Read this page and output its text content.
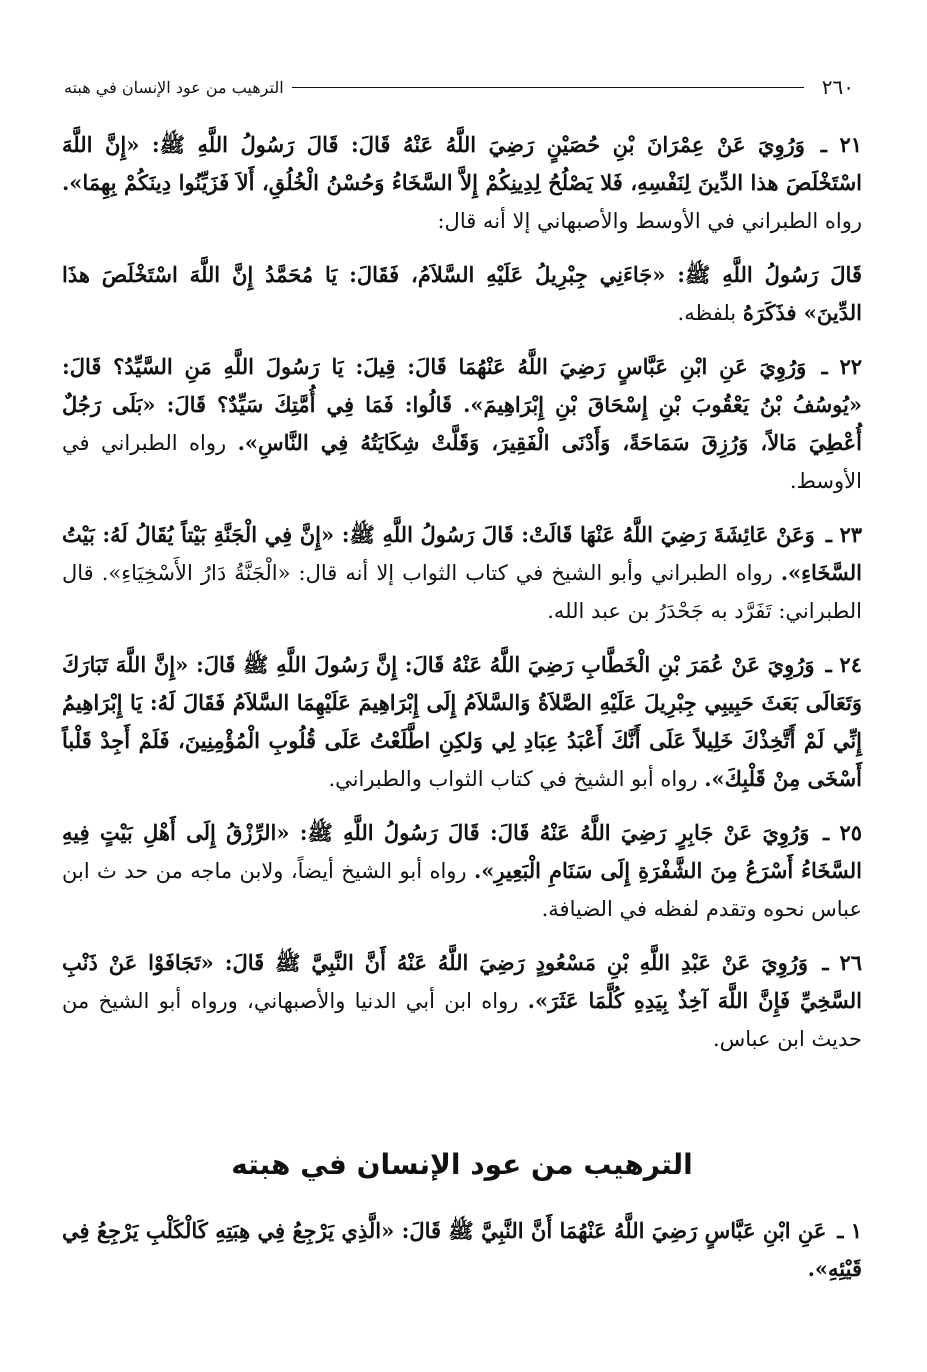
٢٦٠
الترهيب من عود الإنسان في هبته

٢١ ـ وَرُوِيَ عَنْ عِمْرَانَ بْنِ حُصَيْنٍ رَضِيَ اللَّهُ عَنْهُ قَالَ: قَالَ رَسُولُ اللَّهِ ﷺ: «إِنَّ اللَّهَ اسْتَخْلَصَ هذا الدِّينَ لِنَفْسِهِ، فَلا يَصْلُحُ لِدِينِكُمْ إِلاَّ السَّخَاءُ وَحُسْنُ الْخُلُقِ، أَلاَ فَزَيِّنُوا دِينَكُمْ بِهِمَا». رواه الطبراني في الأوسط والأصبهاني إلا أنه قال:

قَالَ رَسُولُ اللَّهِ ﷺ: «جَاءَنِي جِبْرِيلُ عَلَيْهِ السَّلاَمُ، فَقَالَ: يَا مُحَمَّدُ إِنَّ اللَّهَ اسْتَخْلَصَ هذَا الدِّينَ» فذَكَرَهُ بلفظه.

٢٢ ـ وَرُوِيَ عَنِ ابْنِ عَبَّاسٍ رَضِيَ اللَّهُ عَنْهُمَا قَالَ: قِيلَ: يَا رَسُولَ اللَّهِ مَنِ السَّيِّدُ؟ قَالَ: «يُوسُفُ بْنُ يَعْقُوبَ بْنِ إِسْحَاقَ بْنِ إِبْرَاهِيمَ». قَالُوا: فَمَا فِي أُمَّتِكَ سَيِّدٌ؟ قَالَ: «بَلَى رَجُلٌ أُعْطِيَ مَالاً، وَرُزِقَ سَمَاحَةً، وَأَدْنَى الْفَقِيرَ، وَقَلَّتْ شِكَايَتُهُ فِي النَّاسِ». رواه الطبراني في الأوسط.

٢٣ ـ وَعَنْ عَائِشَةَ رَضِيَ اللَّهُ عَنْهَا قَالَتْ: قَالَ رَسُولُ اللَّهِ ﷺ: «إِنَّ فِي الْجَنَّةِ بَيْتاً يُقَالُ لَهُ: بَيْتُ السَّخَاءِ». رواه الطبراني وأبو الشيخ في كتاب الثواب إلا أنه قال: «الْجَنَّةُ دَارُ الأَسْخِيَاءِ». قال الطبراني: تَفَرَّد به جَحْدَرُ بن عبد الله.

٢٤ ـ وَرُوِيَ عَنْ عُمَرَ بْنِ الْخَطَّابِ رَضِيَ اللَّهُ عَنْهُ قَالَ: إِنَّ رَسُولَ اللَّهِ ﷺ قَالَ: «إِنَّ اللَّهَ تَبَارَكَ وَتَعَالَى بَعَثَ حَبِيبِي جِبْرِيلَ عَلَيْهِ الصَّلاَةُ وَالسَّلاَمُ إِلَى إِبْرَاهِيمَ عَلَيْهِمَا السَّلاَمُ فَقَالَ لَهُ: يَا إِبْرَاهِيمُ إِنِّي لَمْ أَتَّخِذْكَ خَلِيلاً عَلَى أَنَّكَ أَعْبَدُ عِبَادِ لِي وَلكِنِ اطَّلَعْتُ عَلَى قُلُوبِ الْمُؤْمِنِينَ، فَلَمْ أَجِدْ قَلْباً أَسْخَى مِنْ قَلْبِكَ». رواه أبو الشيخ في كتاب الثواب والطبراني.

٢٥ ـ وَرُوِيَ عَنْ جَابِرٍ رَضِيَ اللَّهُ عَنْهُ قَالَ: قَالَ رَسُولُ اللَّهِ ﷺ: «الرِّزْقُ إِلَى أَهْلِ بَيْتٍ فِيهِ السَّخَاءُ أَسْرَعُ مِنَ الشَّفْرَةِ إِلَى سَنَامِ الْبَعِيرِ». رواه أبو الشيخ أيضاً، ولابن ماجه من حد ث ابن عباس نحوه وتقدم لفظه في الضيافة.

٢٦ ـ وَرُوِيَ عَنْ عَبْدِ اللَّهِ بْنِ مَسْعُودٍ رَضِيَ اللَّهُ عَنْهُ أَنَّ النَّبِيَّ ﷺ قَالَ: «تَجَافَوْا عَنْ ذَنْبِ السَّخِيِّ فَإِنَّ اللَّهَ آخِذٌ بِيَدِهِ كُلَّمَا عَثَرَ». رواه ابن أبي الدنيا والأصبهاني، ورواه أبو الشيخ من حديث ابن عباس.

الترهيب من عود الإنسان في هبته

١ ـ عَنِ ابْنِ عَبَّاسٍ رَضِيَ اللَّهُ عَنْهُمَا أَنَّ النَّبِيَّ ﷺ قَالَ: «الَّذِي يَرْجِعُ فِي هِبَتِهِ كَالْكَلْبِ يَرْجِعُ فِي قَيْئِهِ».
